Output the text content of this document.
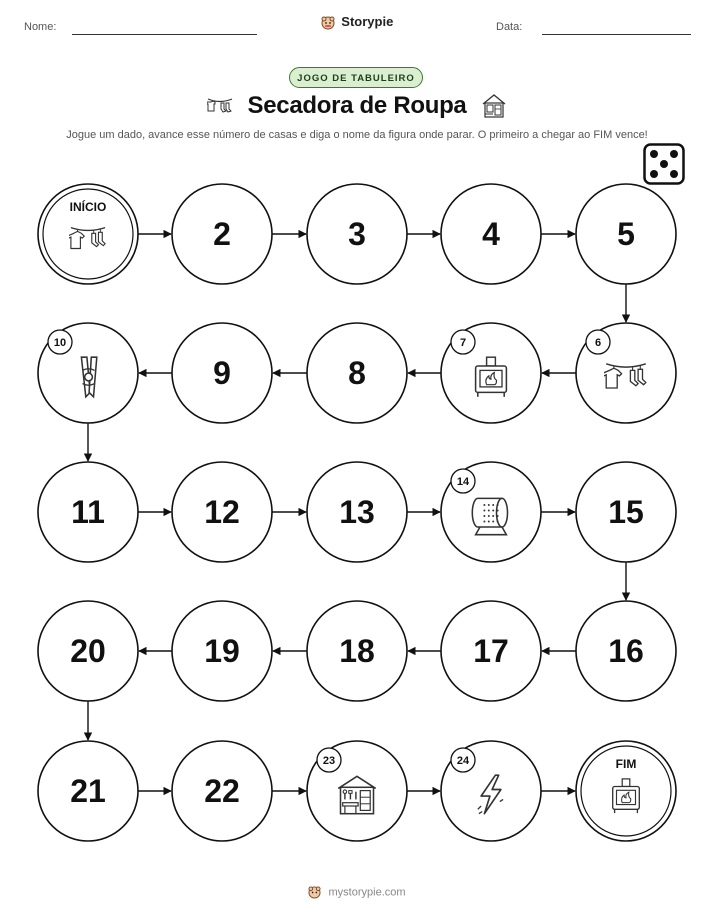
Nome:	Storypie	Data:
JOGO DE TABULEIRO
Secadora de Roupa
Jogue um dado, avance esse número de casas e diga o nome da figura onde parar. O primeiro a chegar ao FIM vence!
INÍCIO
2	3	4	5
6
7
8
9
10
11	12	13
14
15
16
17
18
19
20
21	22
23	24	FIM
mystorypie.com
